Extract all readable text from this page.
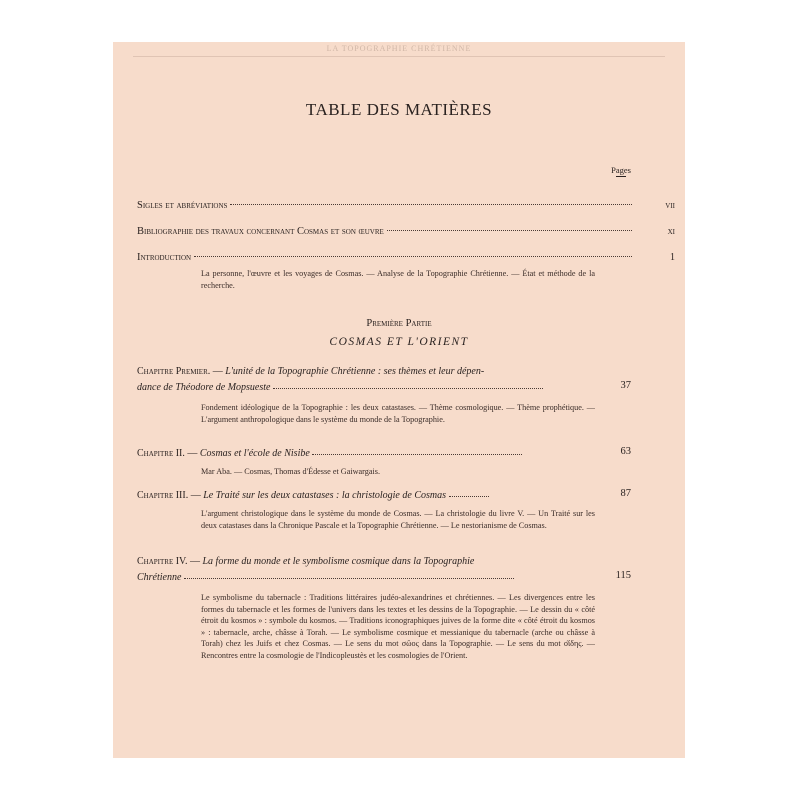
LA TOPOGRAPHIE CHRÉTIENNE
TABLE DES MATIÈRES
Pages
Sigles et abréviations	vii
Bibliographie des travaux concernant Cosmas et son œuvre	xi
Introduction	1
La personne, l'œuvre et les voyages de Cosmas. — Analyse de la Topographie Chrétienne. — État et méthode de la recherche.
Première Partie
COSMAS ET L'ORIENT
Chapitre Premier. — L'unité de la Topographie Chrétienne : ses thèmes et leur dépen-
dance de Théodore de Mopsueste	37
Fondement idéologique de la Topographie : les deux catastases. — Thème cosmologique. — Thème prophétique. — L'argument anthropologique dans le système du monde de la Topographie.
Chapitre II. — Cosmas et l'école de Nisibe	63
Mar Aba. — Cosmas, Thomas d'Édesse et Gaiwargais.
Chapitre III. — Le Traité sur les deux catastases : la christologie de Cosmas	87
L'argument christologique dans le système du monde de Cosmas. — La christologie du livre V. — Un Traité sur les deux catastases dans la Chronique Pascale et la Topographie Chrétienne. — Le nestorianisme de Cosmas.
Chapitre IV. — La forme du monde et le symbolisme cosmique dans la Topographie
Chrétienne	115
Le symbolisme du tabernacle : Traditions littéraires judéo-alexandrines et chrétiennes. — Les divergences entre les formes du tabernacle et les formes de l'univers dans les textes et les dessins de la Topographie. — Le dessin du « côté étroit du kosmos » : symbole du kosmos. — Traditions iconographiques juives de la forme dite « côté étroit du kosmos » : tabernacle, arche, châsse à Torah. — Le symbolisme cosmique et messianique du tabernacle (arche ou châsse à Torah) chez les Juifs et chez Cosmas. — Le sens du mot σῶος dans la Topographie. — Le sens du mot ο͂ίδης. — Rencontres entre la cosmologie de l'Indicopleustès et les cosmologies de l'Orient.
